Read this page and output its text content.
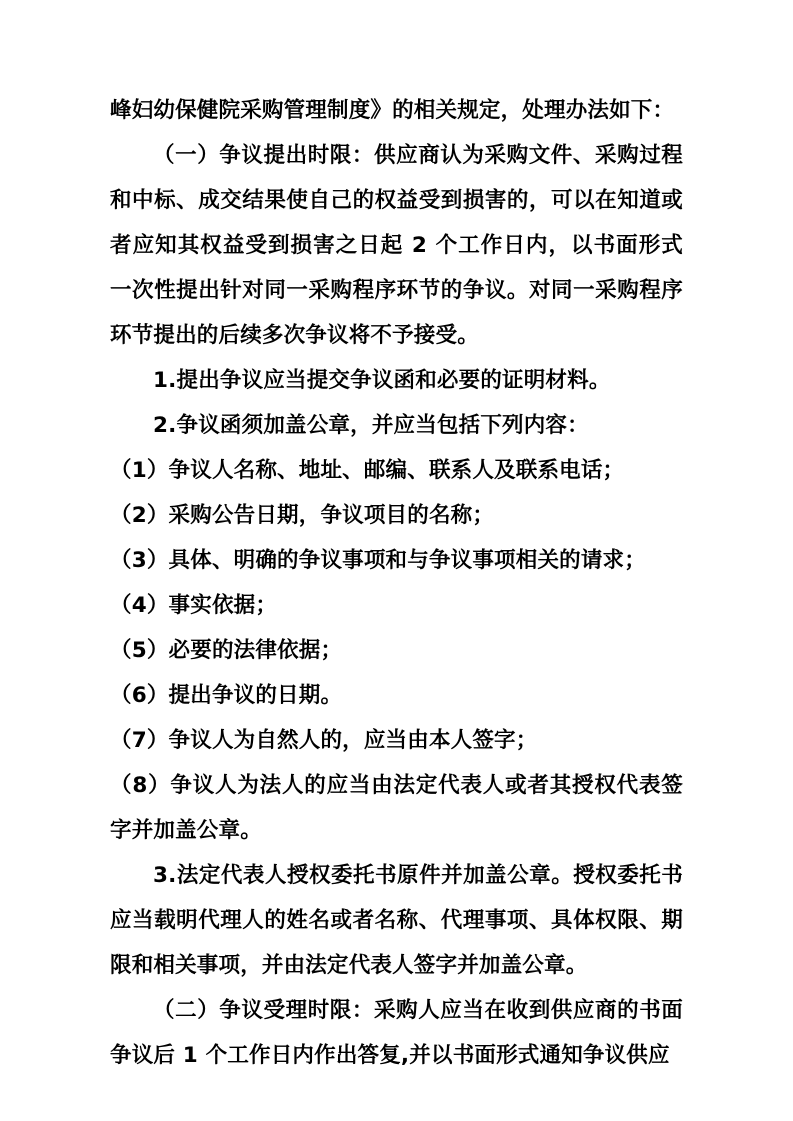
峰妇幼保健院采购管理制度》的相关规定，处理办法如下：

（一）争议提出时限：供应商认为采购文件、采购过程和中标、成交结果使自己的权益受到损害的，可以在知道或者应知其权益受到损害之日起 2 个工作日内，以书面形式一次性提出针对同一采购程序环节的争议。对同一采购程序环节提出的后续多次争议将不予接受。

1.提出争议应当提交争议函和必要的证明材料。

2.争议函须加盖公章，并应当包括下列内容：

（1）争议人名称、地址、邮编、联系人及联系电话；

（2）采购公告日期，争议项目的名称；

（3）具体、明确的争议事项和与争议事项相关的请求；

（4）事实依据；

（5）必要的法律依据；

（6）提出争议的日期。

（7）争议人为自然人的，应当由本人签字；

（8）争议人为法人的应当由法定代表人或者其授权代表签字并加盖公章。

3.法定代表人授权委托书原件并加盖公章。授权委托书应当载明代理人的姓名或者名称、代理事项、具体权限、期限和相关事项，并由法定代表人签字并加盖公章。

（二）争议受理时限：采购人应当在收到供应商的书面争议后 1 个工作日内作出答复,并以书面形式通知争议供应
